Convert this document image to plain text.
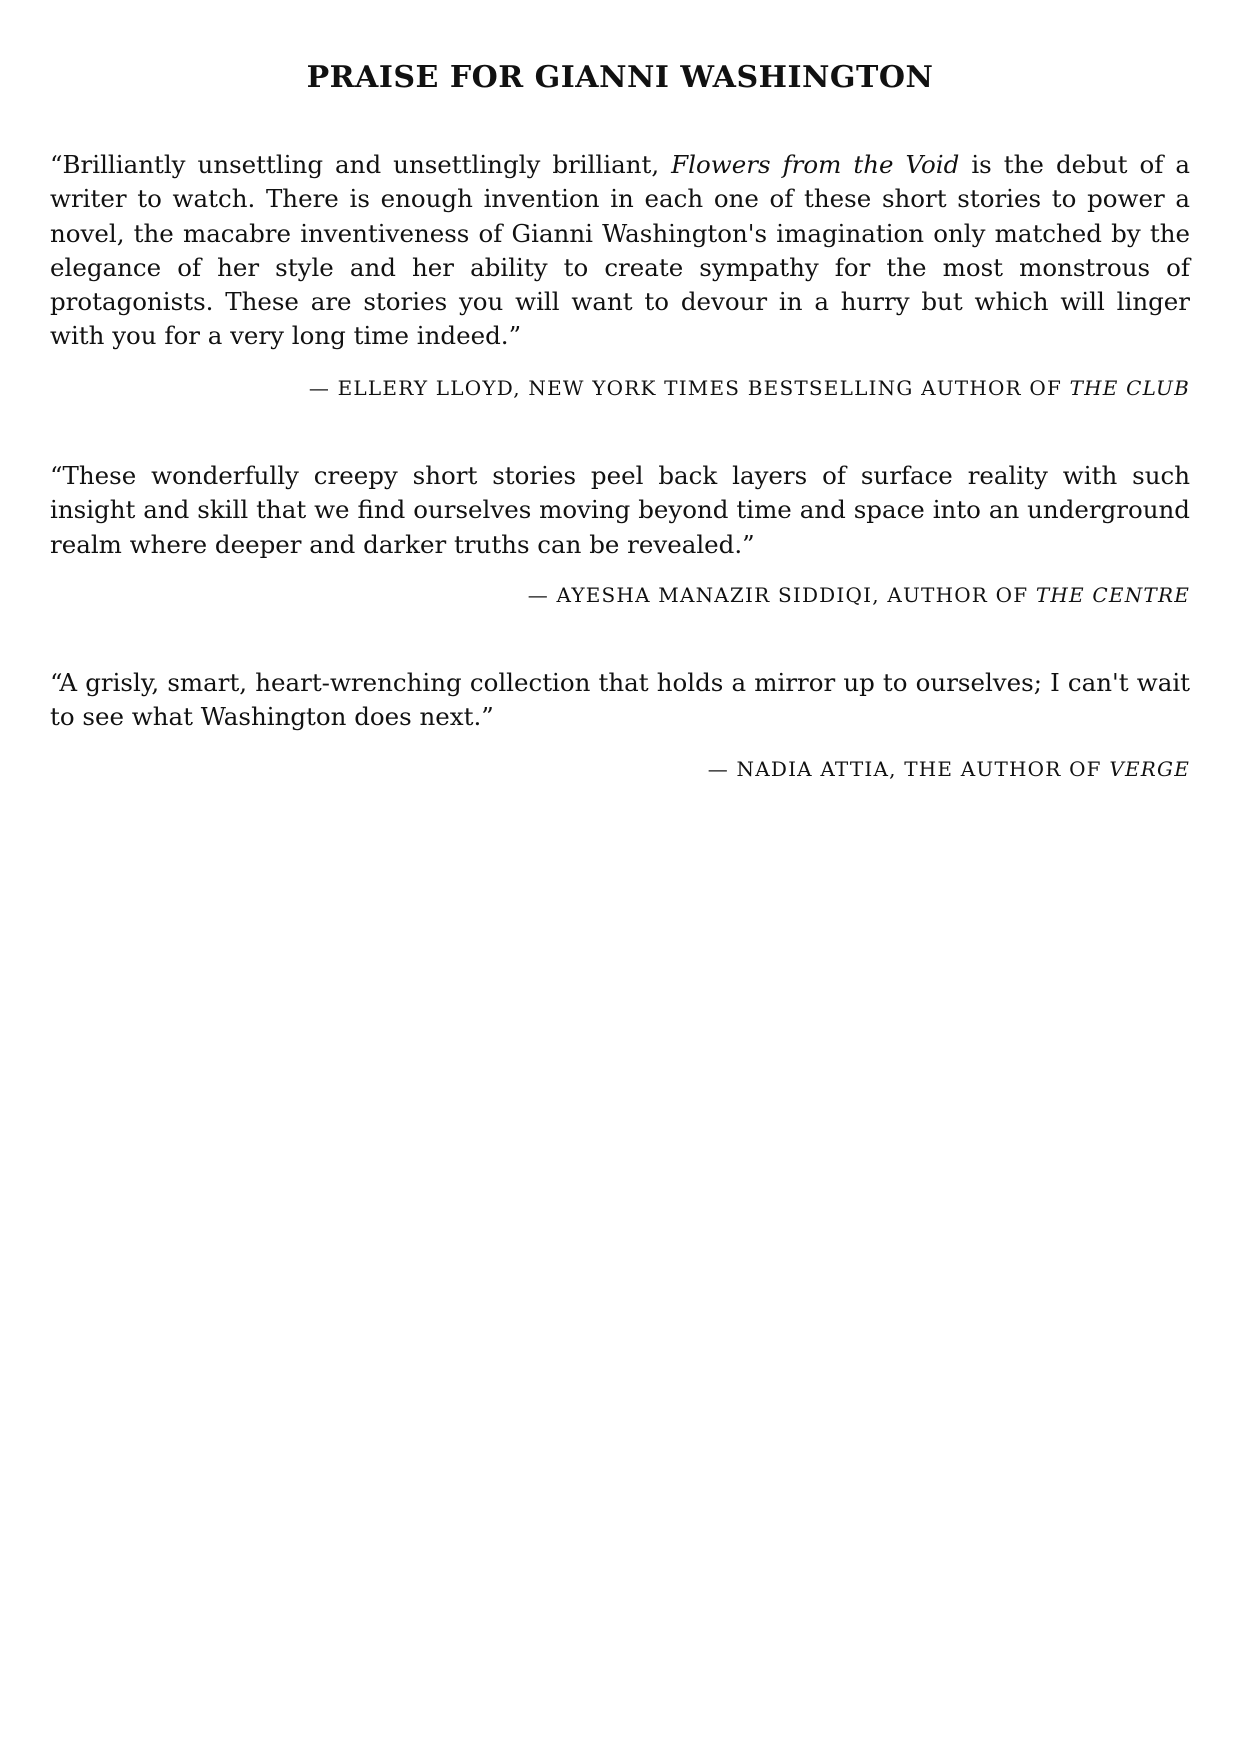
PRAISE FOR GIANNI WASHINGTON

“Brilliantly unsettling and unsettlingly brilliant, Flowers from the Void is the debut of a writer to watch. There is enough invention in each one of these short stories to power a novel, the macabre inventiveness of Gianni Washington's imagination only matched by the elegance of her style and her ability to create sympathy for the most monstrous of protagonists. These are stories you will want to devour in a hurry but which will linger with you for a very long time indeed.”

— ELLERY LLOYD, NEW YORK TIMES BESTSELLING AUTHOR OF THE CLUB

“These wonderfully creepy short stories peel back layers of surface reality with such insight and skill that we find ourselves moving beyond time and space into an underground realm where deeper and darker truths can be revealed.”

— AYESHA MANAZIR SIDDIQI, AUTHOR OF THE CENTRE

“A grisly, smart, heart-wrenching collection that holds a mirror up to ourselves; I can't wait to see what Washington does next.”

— NADIA ATTIA, THE AUTHOR OF VERGE
